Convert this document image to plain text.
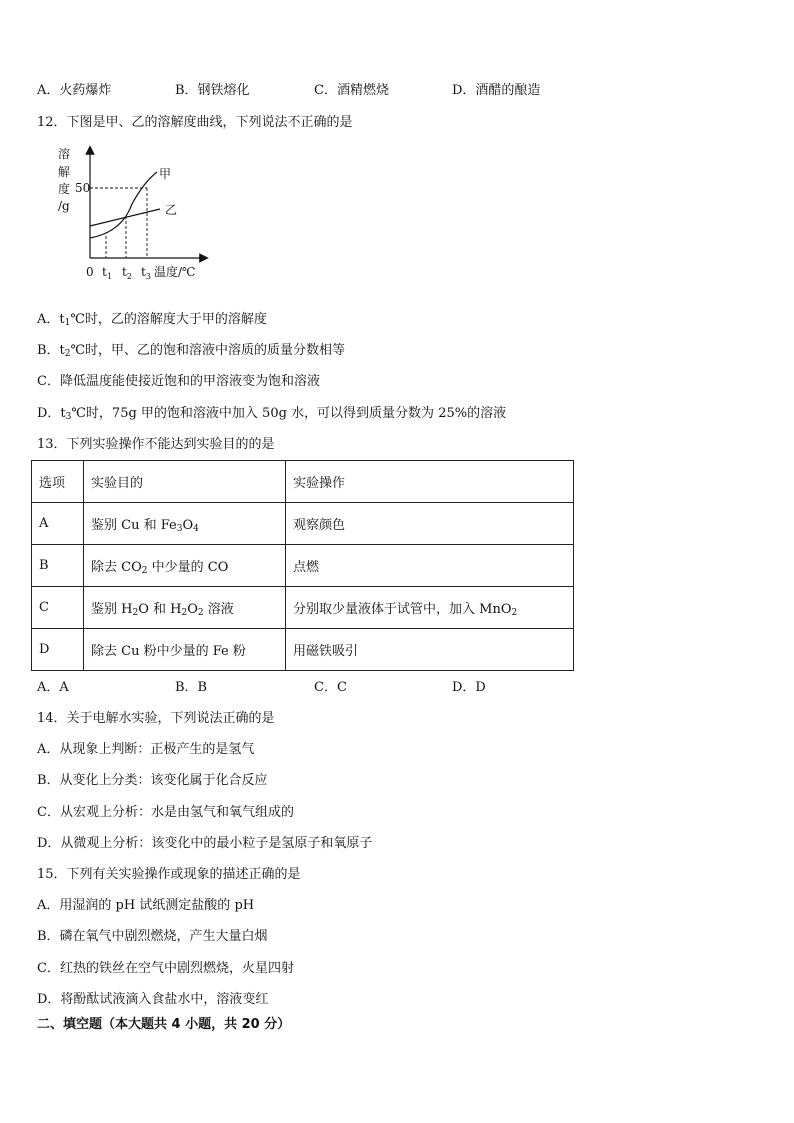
A．火药爆炸	B．钢铁熔化	C．酒精燃烧	D．酒醋的酿造
12．下图是甲、乙的溶解度曲线，下列说法不正确的是
溶
解
度
/g
50
甲
乙
0 $t_1$ $t_2$ $t_3$ 温度/℃
A．$t_1℃$时，乙的溶解度大于甲的溶解度
B．$t_2℃$时，甲、乙的饱和溶液中溶质的质量分数相等
C．降低温度能使接近饱和的甲溶液变为饱和溶液
D．$t_3℃$时，75g 甲的饱和溶液中加入 50g 水，可以得到质量分数为 25%的溶液
13．下列实验操作不能达到实验目的的是
选项	实验目的	实验操作
A	鉴别 Cu 和 $Fe_3O_4$	观察颜色
B	除去 $CO_2$ 中少量的 CO	点燃
C	鉴别 $H_2O$ 和 $H_2O_2$ 溶液	分别取少量液体于试管中，加入 MnO$_2$
D	除去 Cu 粉中少量的 Fe 粉	用磁铁吸引
A．A	B．B	C．C	D．D
14．关于电解水实验，下列说法正确的是
A．从现象上判断：正极产生的是氢气
B．从变化上分类：该变化属于化合反应
C．从宏观上分析：水是由氢气和氧气组成的
D．从微观上分析：该变化中的最小粒子是氢原子和氧原子
15．下列有关实验操作或现象的描述正确的是
A．用湿润的 pH 试纸测定盐酸的 pH
B．磷在氧气中剧烈燃烧，产生大量白烟
C．红热的铁丝在空气中剧烈燃烧，火星四射
D．将酚酞试液滴入食盐水中，溶液变红
二、填空题（本大题共 4 小题，共 20 分）
